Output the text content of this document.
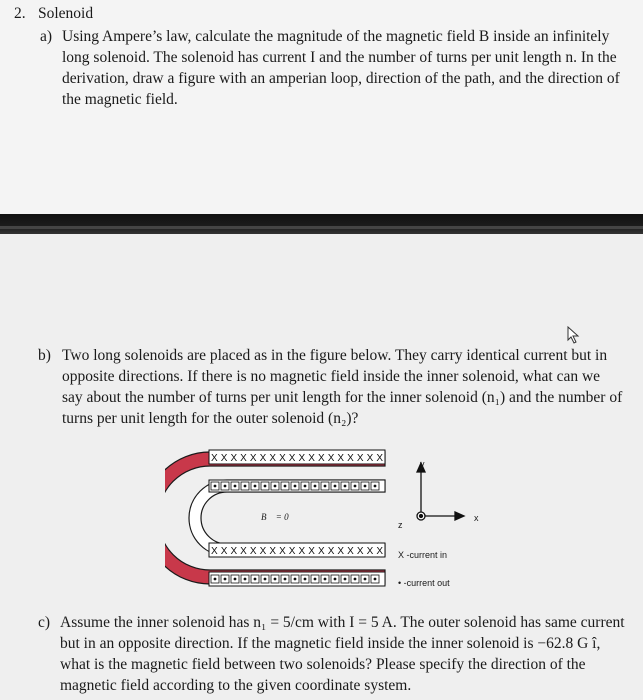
2. Solenoid
a) Using Ampere’s law, calculate the magnitude of the magnetic field B inside an infinitely long solenoid. The solenoid has current I and the number of turns per unit length n. In the derivation, draw a figure with an amperian loop, direction of the path, and the direction of the magnetic field.
b) Two long solenoids are placed as in the figure below. They carry identical current but in opposite directions. If there is no magnetic field inside the inner solenoid, what can we say about the number of turns per unit length for the inner solenoid (n₁) and the number of turns per unit length for the outer solenoid (n₂)?
XXXXXXXXXXXXXXXXXX
XXXXXXXXXXXXXXXXXX
B⃗ = 0
y
x
z
X -current in
• -current out
c) Assume the inner solenoid has n₁ = 5/cm with I = 5 A. The outer solenoid has same current but in an opposite direction. If the magnetic field inside the inner solenoid is −62.8 G î, what is the magnetic field between two solenoids? Please specify the direction of the magnetic field according to the given coordinate system.
